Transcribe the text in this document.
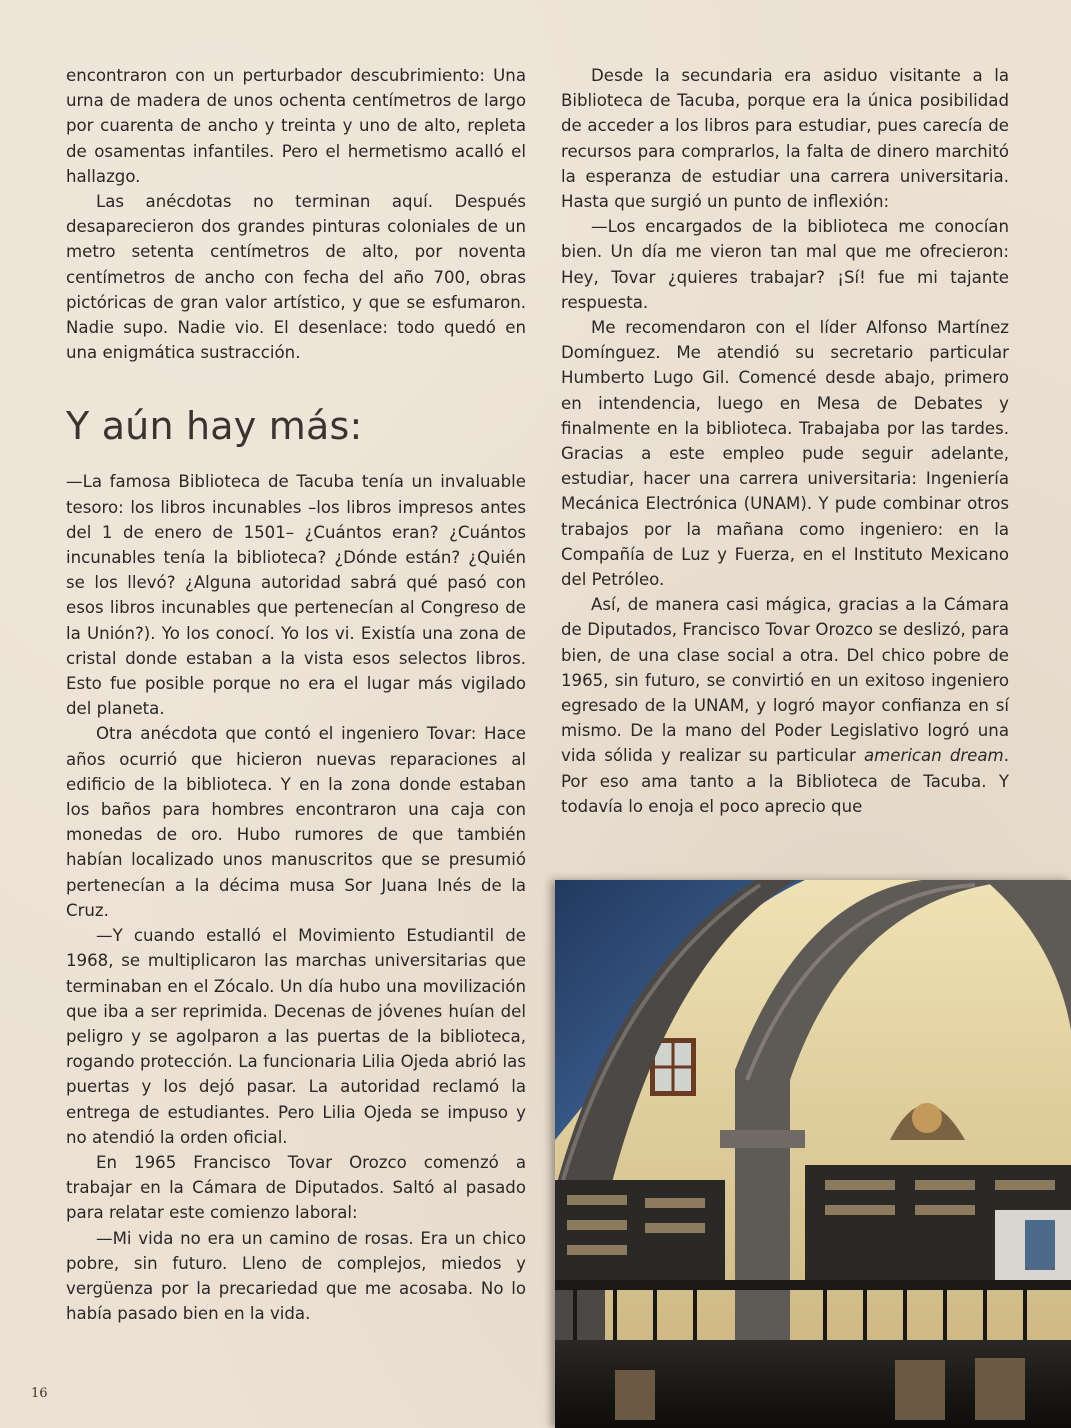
encontraron con un perturbador descubrimiento: Una urna de madera de unos ochenta centímetros de largo por cuarenta de ancho y treinta y uno de alto, repleta de osamentas infantiles. Pero el hermetismo acalló el hallazgo.

Las anécdotas no terminan aquí. Después desaparecieron dos grandes pinturas coloniales de un metro setenta centímetros de alto, por noventa centímetros de ancho con fecha del año 700, obras pictóricas de gran valor artístico, y que se esfumaron. Nadie supo. Nadie vio. El desenlace: todo quedó en una enigmática sustracción.

Y aún hay más:

—La famosa Biblioteca de Tacuba tenía un invaluable tesoro: los libros incunables –los libros impresos antes del 1 de enero de 1501– ¿Cuántos eran? ¿Cuántos incunables tenía la biblioteca? ¿Dónde están? ¿Quién se los llevó? ¿Alguna autoridad sabrá qué pasó con esos libros incunables que pertenecían al Congreso de la Unión?). Yo los conocí. Yo los vi. Existía una zona de cristal donde estaban a la vista esos selectos libros. Esto fue posible porque no era el lugar más vigilado del planeta.

Otra anécdota que contó el ingeniero Tovar: Hace años ocurrió que hicieron nuevas reparaciones al edificio de la biblioteca. Y en la zona donde estaban los baños para hombres encontraron una caja con monedas de oro. Hubo rumores de que también habían localizado unos manuscritos que se presumió pertenecían a la décima musa Sor Juana Inés de la Cruz.

—Y cuando estalló el Movimiento Estudiantil de 1968, se multiplicaron las marchas universitarias que terminaban en el Zócalo. Un día hubo una movilización que iba a ser reprimida. Decenas de jóvenes huían del peligro y se agolparon a las puertas de la biblioteca, rogando protección. La funcionaria Lilia Ojeda abrió las puertas y los dejó pasar. La autoridad reclamó la entrega de estudiantes. Pero Lilia Ojeda se impuso y no atendió la orden oficial.

En 1965 Francisco Tovar Orozco comenzó a trabajar en la Cámara de Diputados. Saltó al pasado para relatar este comienzo laboral:

—Mi vida no era un camino de rosas. Era un chico pobre, sin futuro. Lleno de complejos, miedos y vergüenza por la precariedad que me acosaba. No lo había pasado bien en la vida.

Desde la secundaria era asiduo visitante a la Biblioteca de Tacuba, porque era la única posibilidad de acceder a los libros para estudiar, pues carecía de recursos para comprarlos, la falta de dinero marchitó la esperanza de estudiar una carrera universitaria. Hasta que surgió un punto de inflexión:

—Los encargados de la biblioteca me conocían bien. Un día me vieron tan mal que me ofrecieron: Hey, Tovar ¿quieres trabajar? ¡Sí! fue mi tajante respuesta.

Me recomendaron con el líder Alfonso Martínez Domínguez. Me atendió su secretario particular Humberto Lugo Gil. Comencé desde abajo, primero en intendencia, luego en Mesa de Debates y finalmente en la biblioteca. Trabajaba por las tardes. Gracias a este empleo pude seguir adelante, estudiar, hacer una carrera universitaria: Ingeniería Mecánica Electrónica (UNAM). Y pude combinar otros trabajos por la mañana como ingeniero: en la Compañía de Luz y Fuerza, en el Instituto Mexicano del Petróleo.

Así, de manera casi mágica, gracias a la Cámara de Diputados, Francisco Tovar Orozco se deslizó, para bien, de una clase social a otra. Del chico pobre de 1965, sin futuro, se convirtió en un exitoso ingeniero egresado de la UNAM, y logró mayor confianza en sí mismo. De la mano del Poder Legislativo logró una vida sólida y realizar su particular american dream. Por eso ama tanto a la Biblioteca de Tacuba. Y todavía lo enoja el poco aprecio que

16
